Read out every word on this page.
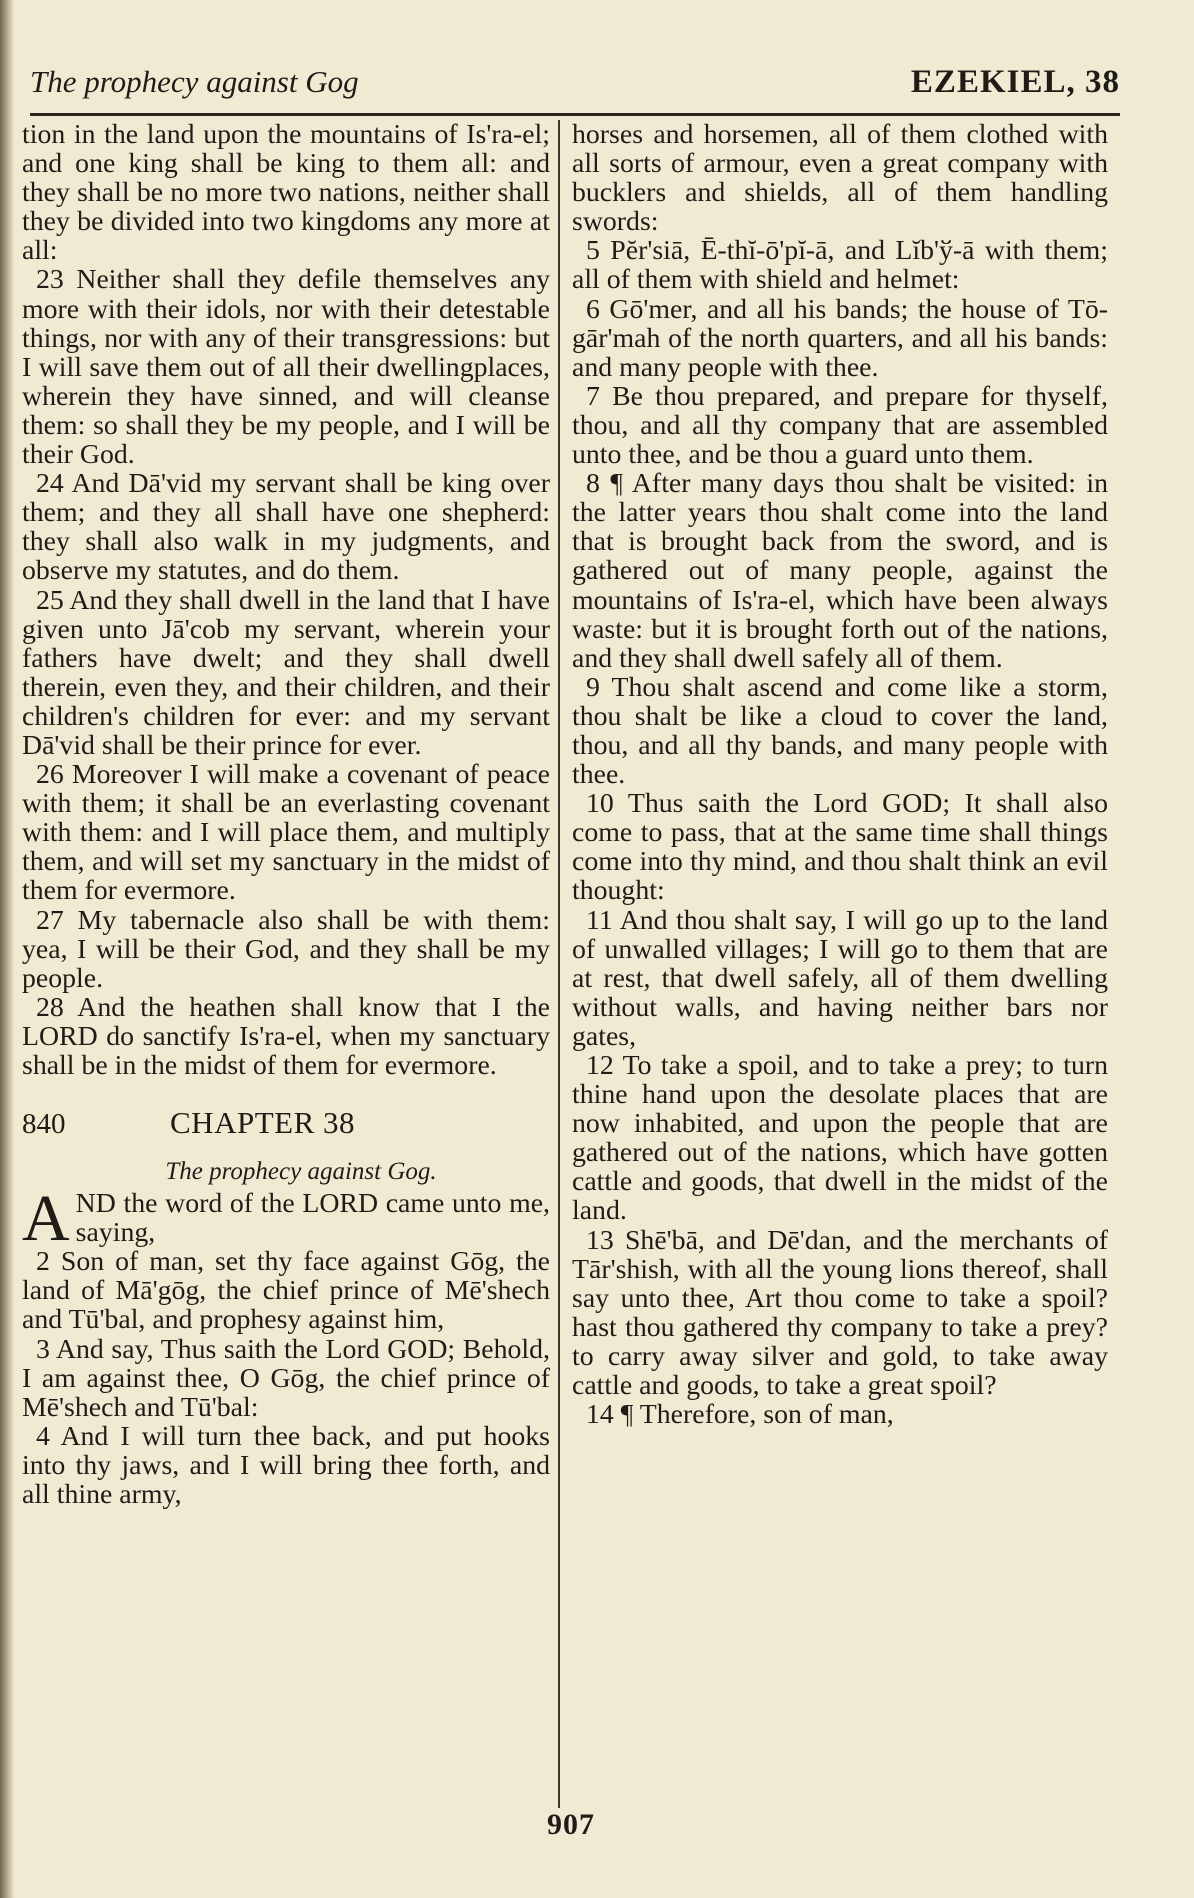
The prophecy against Gog	EZEKIEL, 38

tion in the land upon the mountains of Is'ra-el; and one king shall be king to them all: and they shall be no more two nations, neither shall they be divided into two kingdoms any more at all:

23 Neither shall they defile themselves any more with their idols, nor with their detestable things, nor with any of their transgressions: but I will save them out of all their dwellingplaces, wherein they have sinned, and will cleanse them: so shall they be my people, and I will be their God.

24 And Dā'vid my servant shall be king over them; and they all shall have one shepherd: they shall also walk in my judgments, and observe my statutes, and do them.

25 And they shall dwell in the land that I have given unto Jā'cob my servant, wherein your fathers have dwelt; and they shall dwell therein, even they, and their children, and their children's children for ever: and my servant Dā'vid shall be their prince for ever.

26 Moreover I will make a covenant of peace with them; it shall be an everlasting covenant with them: and I will place them, and multiply them, and will set my sanctuary in the midst of them for evermore.

27 My tabernacle also shall be with them: yea, I will be their God, and they shall be my people.

28 And the heathen shall know that I the LORD do sanctify Is'ra-el, when my sanctuary shall be in the midst of them for evermore.

840	CHAPTER 38

The prophecy against Gog.

AND the word of the LORD came unto me, saying,

2 Son of man, set thy face against Gōg, the land of Mā'gōg, the chief prince of Mē'shech and Tū'bal, and prophesy against him,

3 And say, Thus saith the Lord GOD; Behold, I am against thee, O Gōg, the chief prince of Mē'shech and Tū'bal:

4 And I will turn thee back, and put hooks into thy jaws, and I will bring thee forth, and all thine army,

horses and horsemen, all of them clothed with all sorts of armour, even a great company with bucklers and shields, all of them handling swords:

5 Pĕr'siā, Ē-thĭ-ō'pĭ-ā, and Lĭb'ў-ā with them; all of them with shield and helmet:

6 Gō'mer, and all his bands; the house of Tō-gār'mah of the north quarters, and all his bands: and many people with thee.

7 Be thou prepared, and prepare for thyself, thou, and all thy company that are assembled unto thee, and be thou a guard unto them.

8 ¶ After many days thou shalt be visited: in the latter years thou shalt come into the land that is brought back from the sword, and is gathered out of many people, against the mountains of Is'ra-el, which have been always waste: but it is brought forth out of the nations, and they shall dwell safely all of them.

9 Thou shalt ascend and come like a storm, thou shalt be like a cloud to cover the land, thou, and all thy bands, and many people with thee.

10 Thus saith the Lord GOD; It shall also come to pass, that at the same time shall things come into thy mind, and thou shalt think an evil thought:

11 And thou shalt say, I will go up to the land of unwalled villages; I will go to them that are at rest, that dwell safely, all of them dwelling without walls, and having neither bars nor gates,

12 To take a spoil, and to take a prey; to turn thine hand upon the desolate places that are now inhabited, and upon the people that are gathered out of the nations, which have gotten cattle and goods, that dwell in the midst of the land.

13 Shē'bā, and Dē'dan, and the merchants of Tār'shish, with all the young lions thereof, shall say unto thee, Art thou come to take a spoil? hast thou gathered thy company to take a prey? to carry away silver and gold, to take away cattle and goods, to take a great spoil?

14 ¶ Therefore, son of man,

907
